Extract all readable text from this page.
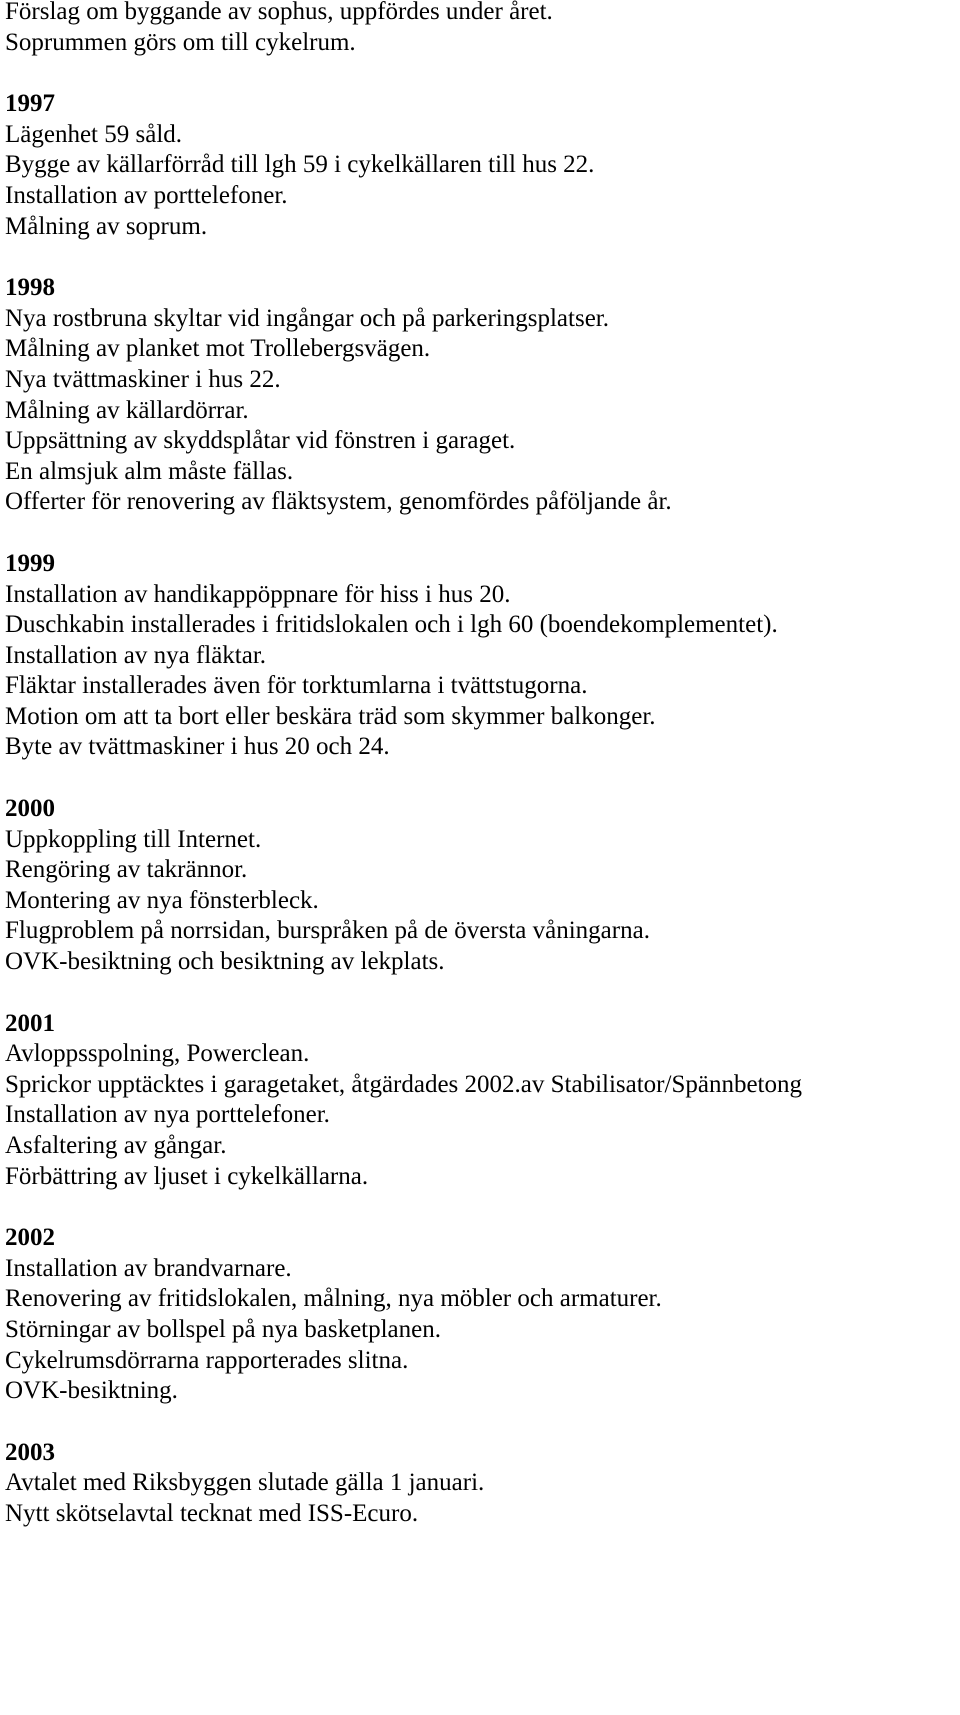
Förslag om byggande av sophus, uppfördes under året.
Soprummen görs om till cykelrum.
1997
Lägenhet 59 såld.
Bygge av källarförråd till lgh 59 i cykelkällaren till hus 22.
Installation av porttelefoner.
Målning av soprum.
1998
Nya rostbruna skyltar vid ingångar och på parkeringsplatser.
Målning av planket mot Trollebergsvägen.
Nya tvättmaskiner i hus 22.
Målning av källardörrar.
Uppsättning av skyddsplåtar vid fönstren i garaget.
En almsjuk alm måste fällas.
Offerter för renovering av fläktsystem, genomfördes påföljande år.
1999
Installation av handikappöppnare för hiss i hus 20.
Duschkabin installerades i fritidslokalen och i lgh 60 (boendekomplementet).
Installation av nya fläktar.
Fläktar installerades även för torktumlarna i tvättstugorna.
Motion om att ta bort eller beskära träd som skymmer balkonger.
Byte av tvättmaskiner i hus 20 och 24.
2000
Uppkoppling till Internet.
Rengöring av takrännor.
Montering av nya fönsterbleck.
Flugproblem på norrsidan, burspråken på de översta våningarna.
OVK-besiktning och besiktning av lekplats.
2001
Avloppsspolning, Powerclean.
Sprickor upptäcktes i garagetaket, åtgärdades 2002.av Stabilisator/Spännbetong
Installation av nya porttelefoner.
Asfaltering av gångar.
Förbättring av ljuset i cykelkällarna.
2002
Installation av brandvarnare.
Renovering av fritidslokalen, målning, nya möbler och armaturer.
Störningar av bollspel på nya basketplanen.
Cykelrumsdörrarna rapporterades slitna.
OVK-besiktning.
2003
Avtalet med Riksbyggen slutade gälla 1 januari.
Nytt skötselavtal tecknat med ISS-Ecuro.
